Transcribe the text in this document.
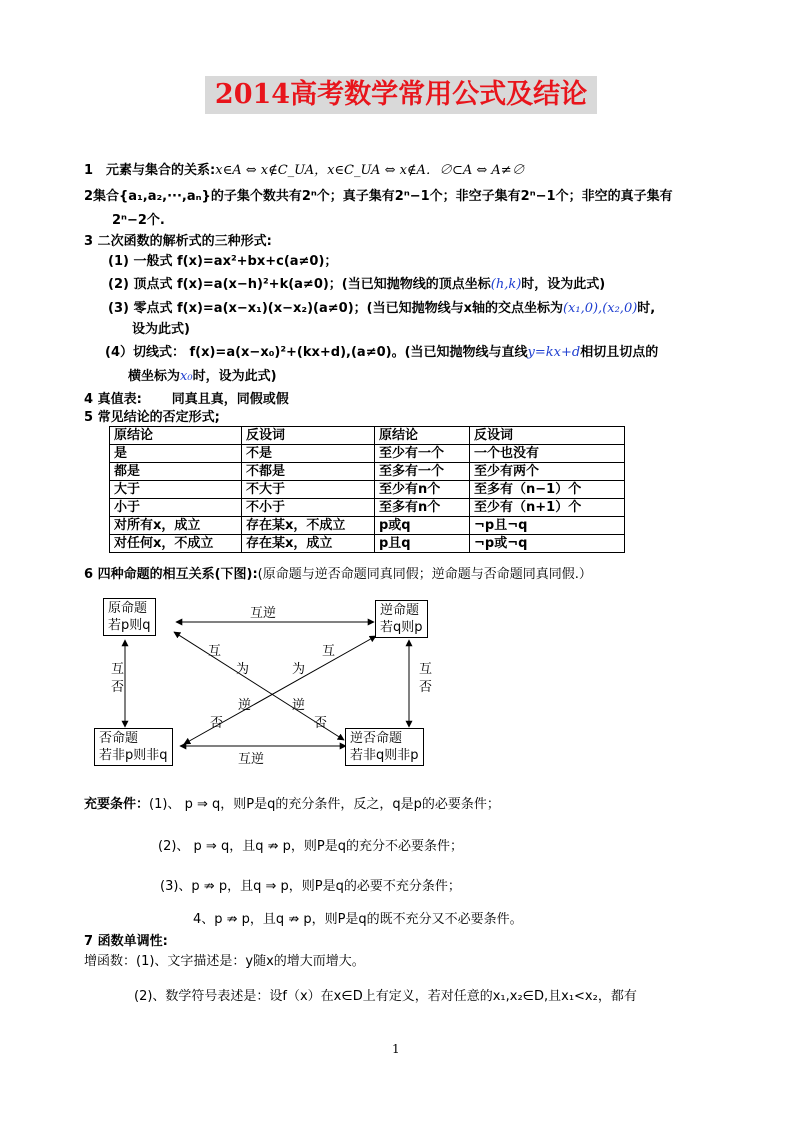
2014高考数学常用公式及结论
1　元素与集合的关系:x∈A ⇔ x∉C_UA，x∈C_UA ⇔ x∉A．∅⊂A ⇔ A≠∅
2集合{a₁,a₂,···,aₙ}的子集个数共有2ⁿ个；真子集有2ⁿ−1个；非空子集有2ⁿ−1个；非空的真子集有
2ⁿ−2个.
3 二次函数的解析式的三种形式:
(1) 一般式 f(x)=ax²+bx+c(a≠0)；
(2) 顶点式 f(x)=a(x−h)²+k(a≠0)；(当已知抛物线的顶点坐标(h,k)时，设为此式)
(3) 零点式 f(x)=a(x−x₁)(x−x₂)(a≠0)；(当已知抛物线与x轴的交点坐标为(x₁,0),(x₂,0)时,
设为此式)
(4）切线式： f(x)=a(x−x₀)²+(kx+d),(a≠0)。(当已知抛物线与直线y=kx+d相切且切点的
横坐标为x₀时，设为此式)
4 真值表: 同真且真，同假或假
5 常见结论的否定形式;
原结论	反设词	原结论	反设词
是	不是	至少有一个	一个也没有
都是	不都是	至多有一个	至少有两个
大于	不大于	至少有n个	至多有（n−1）个
小于	不小于	至多有n个	至少有（n+1）个
对所有x，成立	存在某x，不成立	p或q	¬p且¬q
对任何x，不成立	存在某x，成立	p且q	¬p或¬q
6 四种命题的相互关系(下图):(原命题与逆否命题同真同假；逆命题与否命题同真同假.）
原命题
若p则q
逆命题
若q则p
否命题
若非p则非q
逆否命题
若非q则非p
互逆
互逆
互
否
互
否
互
为
逆
否
互
为
逆
否
充要条件：(1)、 p ⇒ q，则P是q的充分条件，反之，q是p的必要条件；
(2)、 p ⇒ q，且q ⇏ p，则P是q的充分不必要条件；
(3)、p ⇏ p，且q ⇒ p，则P是q的必要不充分条件；
4、p ⇏ p，且q ⇏ p，则P是q的既不充分又不必要条件。
7 函数单调性:
增函数：(1)、文字描述是：y随x的增大而增大。
(2)、数学符号表述是：设f（x）在x∈D上有定义，若对任意的x₁,x₂∈D,且x₁<x₂，都有
1
